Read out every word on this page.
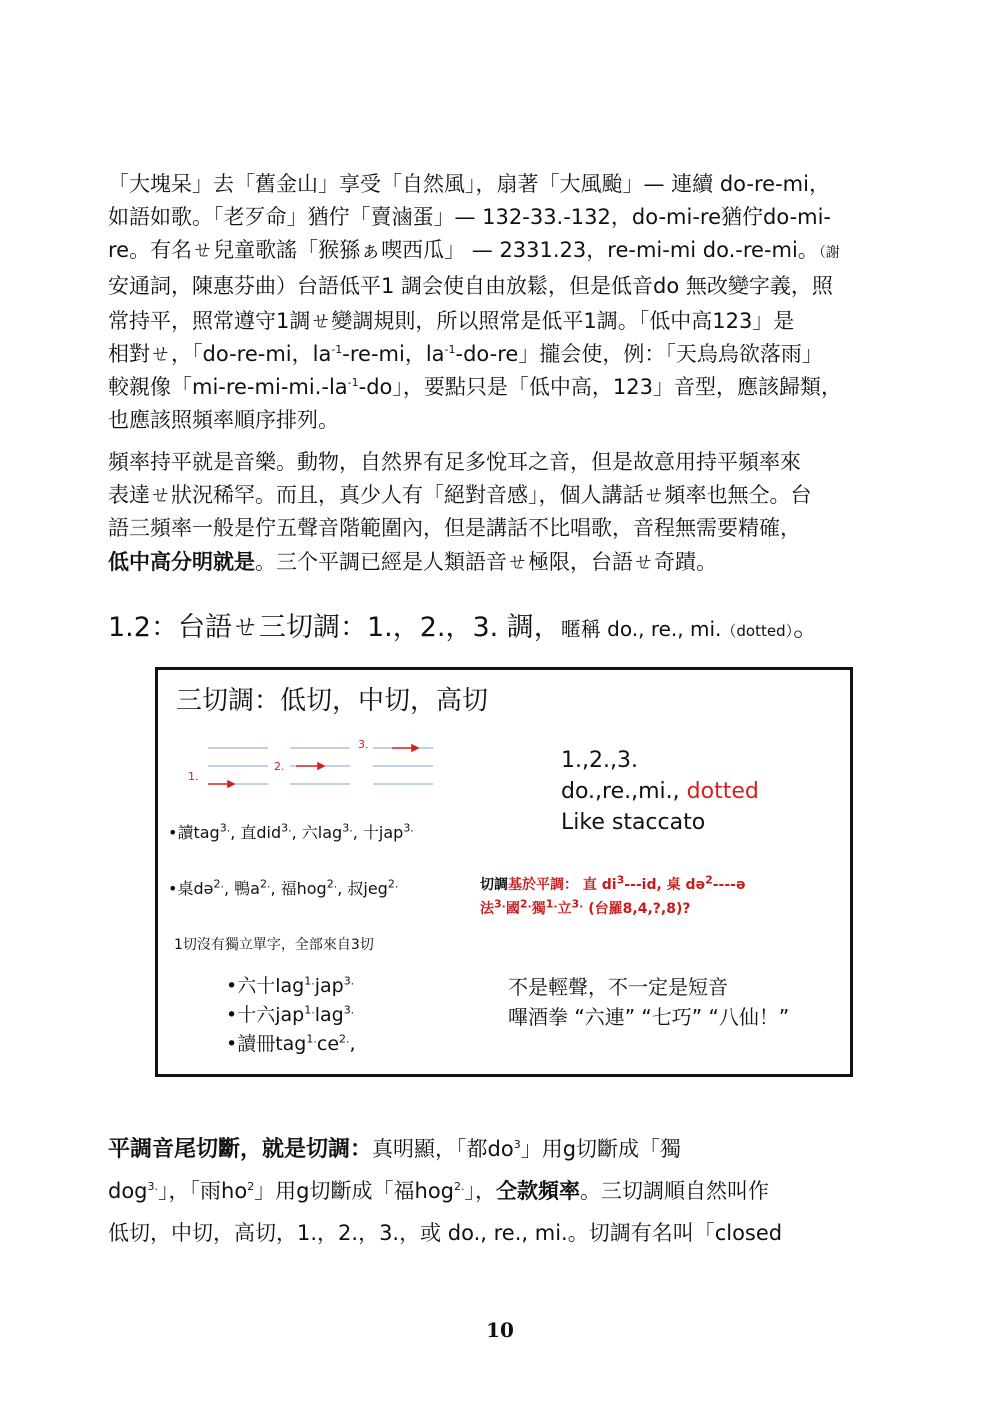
「大塊呆」去「舊金山」享受「自然風」，扇著「大風颱」— 連續 do-re-mi，
如語如歌。「老歹命」猶佇「賣滷蛋」— 132-33.-132，do-mi-re猶佇do-mi-
re。有名ㄝ兒童歌謠「猴猻ぁ喫西瓜」 — 2331.23，re-mi-mi do.-re-mi。（謝
安通詞，陳惠芬曲）台語低平1 調会使自由放鬆，但是低音do 無改變字義，照
常持平，照常遵守1調ㄝ變調規則，所以照常是低平1調。「低中高123」是
相對ㄝ，「do-re-mi，$la^{-1}-re-mi$，$la^{-1}-do-re$」攏会使，例：「天烏烏欲落雨」
較親像「$mi-re-mi-mi.-la^{-1}-do$」，要點只是「低中高，123」音型，應該歸類，
也應該照頻率順序排列。
頻率持平就是音樂。動物，自然界有足多悅耳之音，但是故意用持平頻率來
表達ㄝ狀況稀罕。而且，真少人有「絕對音感」，個人講話ㄝ頻率也無仝。台
語三頻率一般是佇五聲音階範圍內，但是講話不比唱歌，音程無需要精確，
低中高分明就是。三个平調已經是人類語音ㄝ極限，台語ㄝ奇蹟。
1.2：台語ㄝ三切調：1.，2.，3. 調，暱稱 do., re., mi.（dotted）。
三切調：低切，中切，高切
1.
2.
3.
1.,2.,3.
do.,re.,mi., dotted
Like staccato
•讀tag$^{3.}$, 直did$^{3.}$, 六lag$^{3.}$, 十jap$^{3.}$
•桌də$^{2.}$, 鴨$a^{2.}$, 福hog$^{2.}$, 叔jeg$^{2.}$	切調基於平調： 直 $di^3---id$, 桌 də$^2$----ə
法$^{3.}$國$^{2.}$獨$^{1.}$立$^{3.}$ (台羅8,4,?,8)?
1切沒有獨立單字，全部來自3切
•六十lag$^{1.}$jap$^{3.}$
•十六jap$^{1.}$lag$^{3.}$
•讀冊$tag^{1.}ce^{2.}$,
不是輕聲，不一定是短音
嗶酒拳 “六連” “七巧” “八仙！”
平調音尾切斷，就是切調：真明顯，「都$do^3$」用g切斷成「獨
dog$^{3.}$」，「雨$ho^2$」用g切斷成「福hog$^{2.}$」，仝款頻率。三切調順自然叫作
低切，中切，高切，1.，2.，3.，或 do., re., mi.。切調有名叫「closed
10
